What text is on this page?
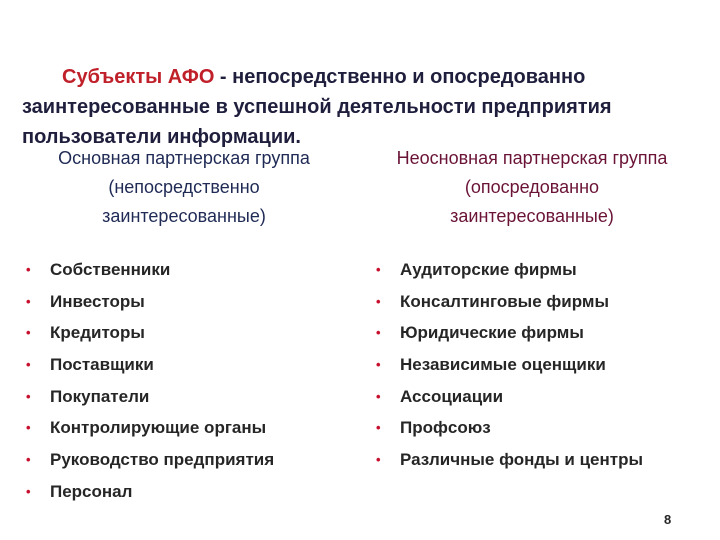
Субъекты АФО - непосредственно и опосредованно заинтересованные в успешной деятельности предприятия пользователи информации.
Основная партнерская группа (непосредственно заинтересованные)
Неосновная партнерская группа (опосредованно заинтересованные)
• Собственники
• Инвесторы
• Кредиторы
• Поставщики
• Покупатели
• Контролирующие органы
• Руководство предприятия
• Персонал
• Аудиторские фирмы
• Консалтинговые фирмы
• Юридические фирмы
• Независимые оценщики
• Ассоциации
• Профсоюз
• Различные фонды и центры
8
